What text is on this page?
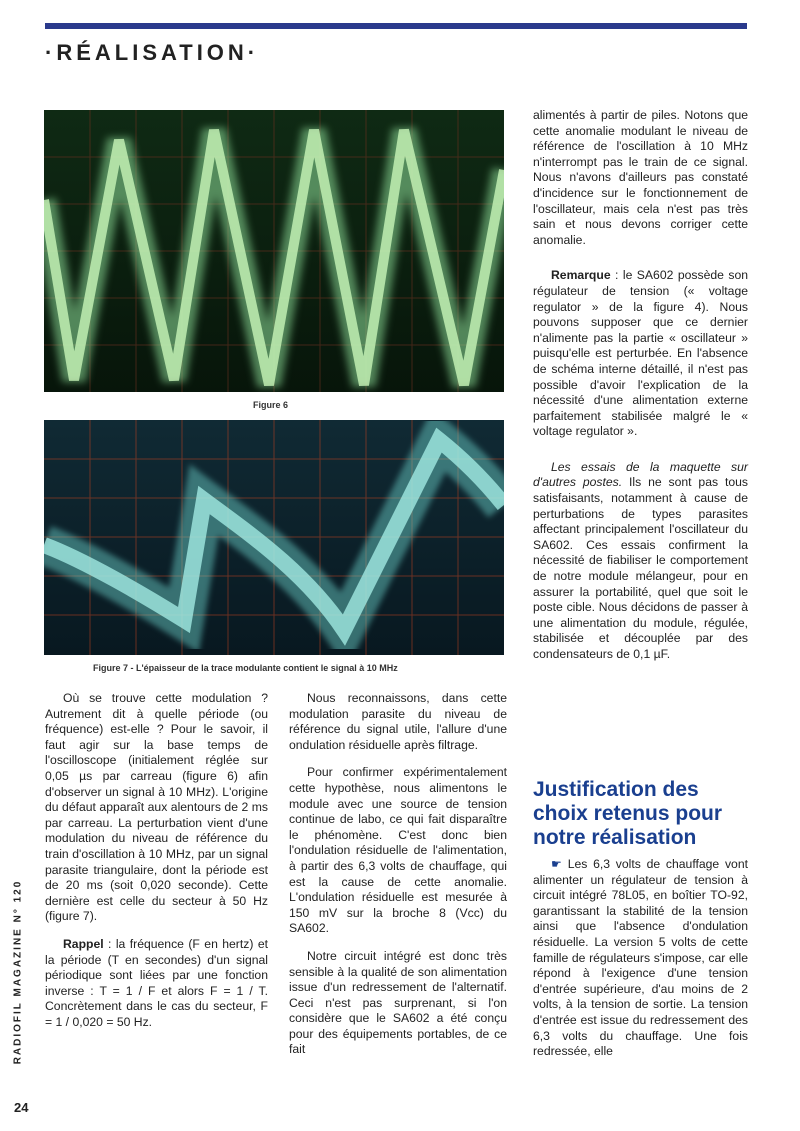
·RÉALISATION·
Figure 6
Figure 7 - L'épaisseur de la trace modulante contient le signal à 10 MHz

Où se trouve cette modulation ? Autrement dit à quelle période (ou fréquence) est-elle ? Pour le savoir, il faut agir sur la base temps de l'oscilloscope (initialement réglée sur 0,05 µs par carreau (figure 6) afin d'observer un signal à 10 MHz). L'origine du défaut apparaît aux alentours de 2 ms par carreau. La perturbation vient d'une modulation du niveau de référence du train d'oscillation à 10 MHz, par un signal parasite triangulaire, dont la période est de 20 ms (soit 0,020 seconde). Cette dernière est celle du secteur à 50 Hz (figure 7).

Rappel : la fréquence (F en hertz) et la période (T en secondes) d'un signal périodique sont liées par une fonction inverse : T = 1 / F et alors F = 1 / T. Concrètement dans le cas du secteur, F = 1 / 0,020 = 50 Hz.

Nous reconnaissons, dans cette modulation parasite du niveau de référence du signal utile, l'allure d'une ondulation résiduelle après filtrage.

Pour confirmer expérimentalement cette hypothèse, nous alimentons le module avec une source de tension continue de labo, ce qui fait disparaître le phénomène. C'est donc bien l'ondulation résiduelle de l'alimentation, à partir des 6,3 volts de chauffage, qui est la cause de cette anomalie. L'ondulation résiduelle est mesurée à 150 mV sur la broche 8 (Vcc) du SA602.

Notre circuit intégré est donc très sensible à la qualité de son alimentation issue d'un redressement de l'alternatif. Ceci n'est pas surprenant, si l'on considère que le SA602 a été conçu pour des équipements portables, de ce fait

alimentés à partir de piles. Notons que cette anomalie modulant le niveau de référence de l'oscillation à 10 MHz n'interrompt pas le train de ce signal. Nous n'avons d'ailleurs pas constaté d'incidence sur le fonctionnement de l'oscillateur, mais cela n'est pas très sain et nous devons corriger cette anomalie.

Remarque : le SA602 possède son régulateur de tension (« voltage regulator » de la figure 4). Nous pouvons supposer que ce dernier n'alimente pas la partie « oscillateur » puisqu'elle est perturbée. En l'absence de schéma interne détaillé, il n'est pas possible d'avoir l'explication de la nécessité d'une alimentation externe parfaitement stabilisée malgré le « voltage regulator ».

Les essais de la maquette sur d'autres postes. Ils ne sont pas tous satisfaisants, notamment à cause de perturbations de types parasites affectant principalement l'oscillateur du SA602. Ces essais confirment la nécessité de fiabiliser le comportement de notre module mélangeur, pour en assurer la portabilité, quel que soit le poste cible. Nous décidons de passer à une alimentation du module, régulée, stabilisée et découplée par des condensateurs de 0,1 µF.

Justification des choix retenus pour notre réalisation

☛ Les 6,3 volts de chauffage vont alimenter un régulateur de tension à circuit intégré 78L05, en boîtier TO-92, garantissant la stabilité de la tension ainsi que l'absence d'ondulation résiduelle. La version 5 volts de cette famille de régulateurs s'impose, car elle répond à l'exigence d'une tension d'entrée supérieure, d'au moins de 2 volts, à la tension de sortie. La tension d'entrée est issue du redressement des 6,3 volts du chauffage. Une fois redressée, elle

RADIOFIL MAGAZINE N° 120
24
